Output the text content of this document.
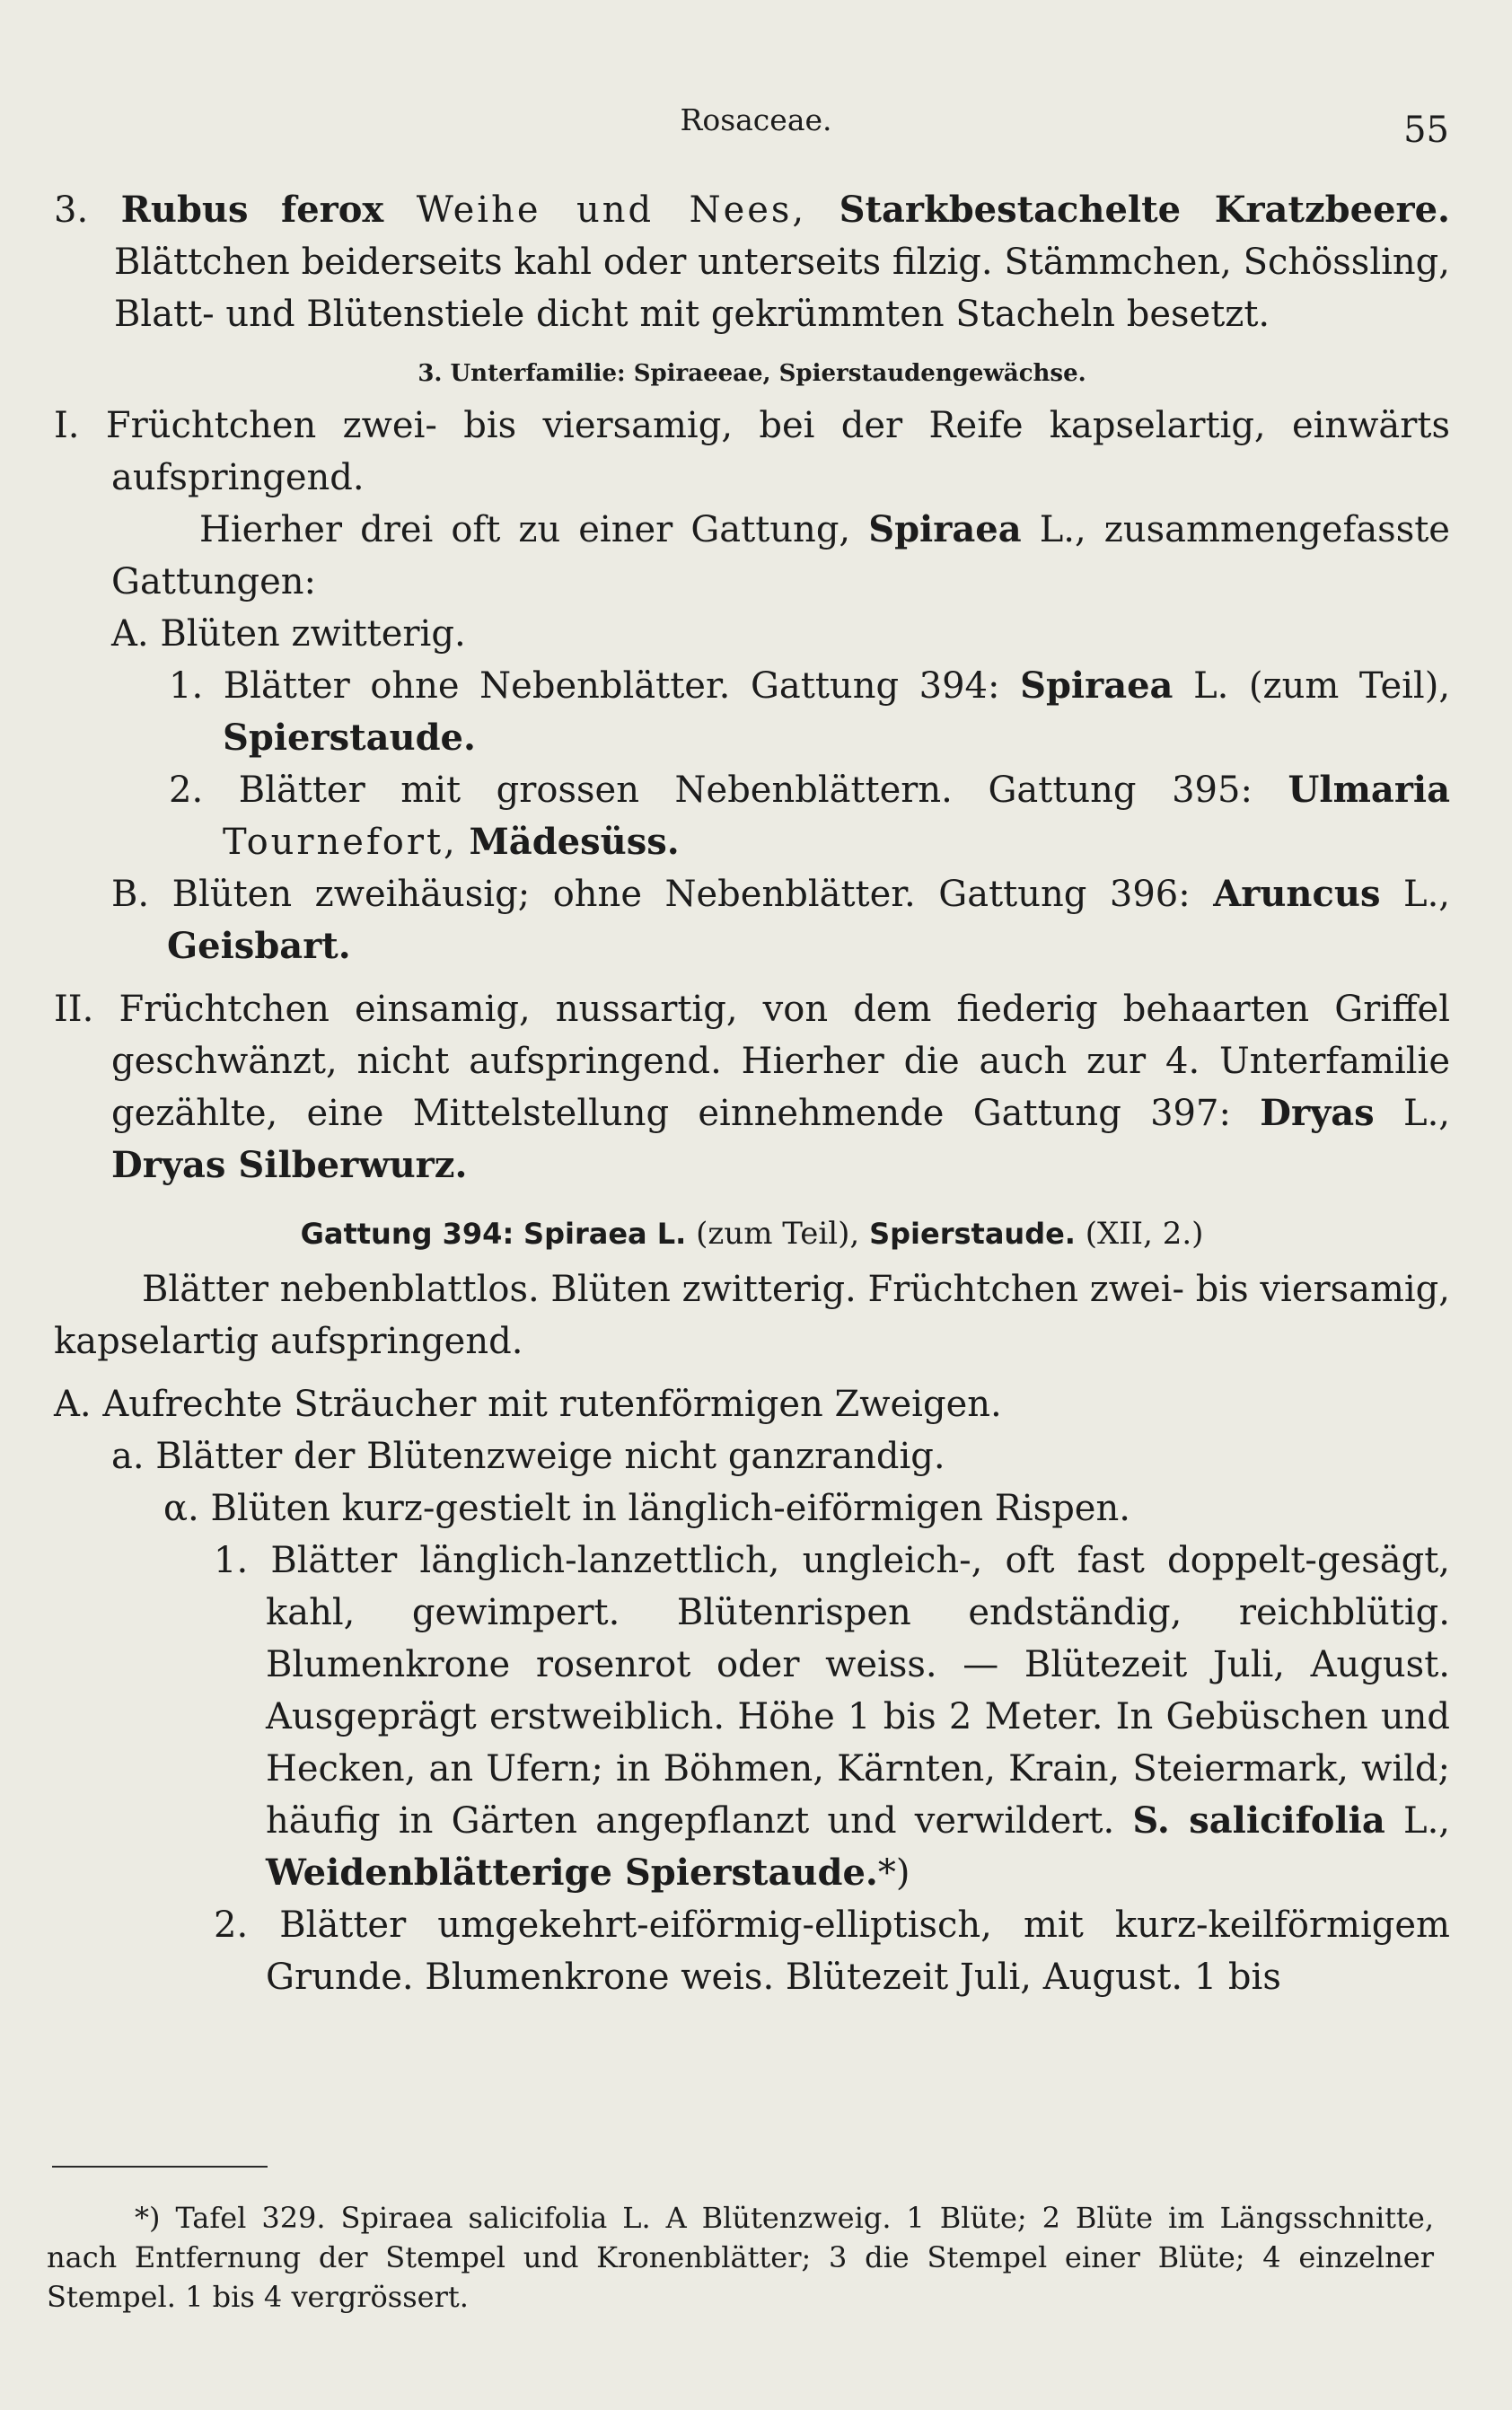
Rosaceae.	55

3. Rubus ferox Weihe und Nees, Starkbestachelte Kratzbeere. Blättchen beiderseits kahl oder unterseits filzig. Stämmchen, Schössling, Blatt- und Blütenstiele dicht mit gekrümmten Stacheln besetzt.

3. Unterfamilie: Spiraeeae, Spierstaudengewächse.

I. Früchtchen zwei- bis viersamig, bei der Reife kapselartig, einwärts aufspringend.

Hierher drei oft zu einer Gattung, Spiraea L., zusammengefasste Gattungen:

A. Blüten zwitterig.

1. Blätter ohne Nebenblätter. Gattung 394: Spiraea L. (zum Teil), Spierstaude.

2. Blätter mit grossen Nebenblättern. Gattung 395: Ulmaria Tournefort, Mädesüss.

B. Blüten zweihäusig; ohne Nebenblätter. Gattung 396: Aruncus L., Geisbart.

II. Früchtchen einsamig, nussartig, von dem fiederig behaarten Griffel geschwänzt, nicht aufspringend. Hierher die auch zur 4. Unterfamilie gezählte, eine Mittelstellung einnehmende Gattung 397: Dryas L., Dryas Silberwurz.

Gattung 394: Spiraea L. (zum Teil), Spierstaude. (XII, 2.)

Blätter nebenblattlos. Blüten zwitterig. Früchtchen zwei- bis viersamig, kapselartig aufspringend.

A. Aufrechte Sträucher mit rutenförmigen Zweigen.

a. Blätter der Blütenzweige nicht ganzrandig.

α. Blüten kurz-gestielt in länglich-eiförmigen Rispen.

1. Blätter länglich-lanzettlich, ungleich-, oft fast doppelt-gesägt, kahl, gewimpert. Blütenrispen endständig, reichblütig. Blumenkrone rosenrot oder weiss. — Blütezeit Juli, August. Ausgeprägt erstweiblich. Höhe 1 bis 2 Meter. In Gebüschen und Hecken, an Ufern; in Böhmen, Kärnten, Krain, Steiermark, wild; häufig in Gärten angepflanzt und verwildert. S. salicifolia L., Weidenblätterige Spierstaude.*)

2. Blätter umgekehrt-eiförmig-elliptisch, mit kurz-keilförmigem Grunde. Blumenkrone weis. Blütezeit Juli, August. 1 bis

*) Tafel 329. Spiraea salicifolia L. A Blütenzweig. 1 Blüte; 2 Blüte im Längsschnitte, nach Entfernung der Stempel und Kronenblätter; 3 die Stempel einer Blüte; 4 einzelner Stempel. 1 bis 4 vergrössert.
